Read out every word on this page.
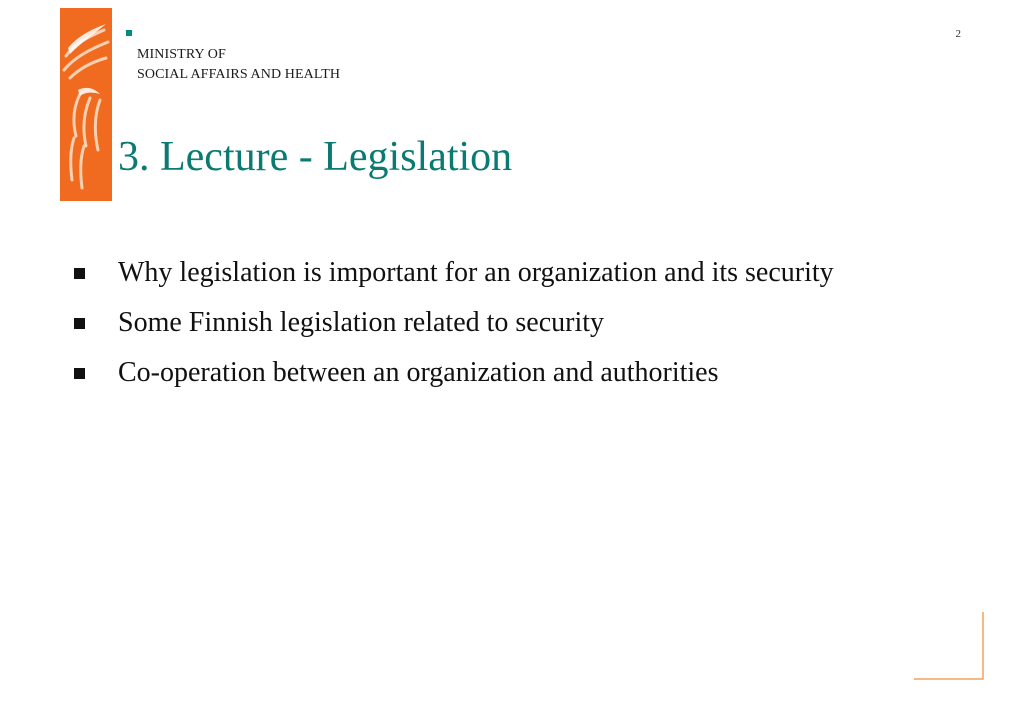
MINISTRY OF
SOCIAL AFFAIRS AND HEALTH
2
3. Lecture - Legislation
Why legislation is important for an organization and its security
Some Finnish legislation related to security
Co-operation between an organization and authorities
